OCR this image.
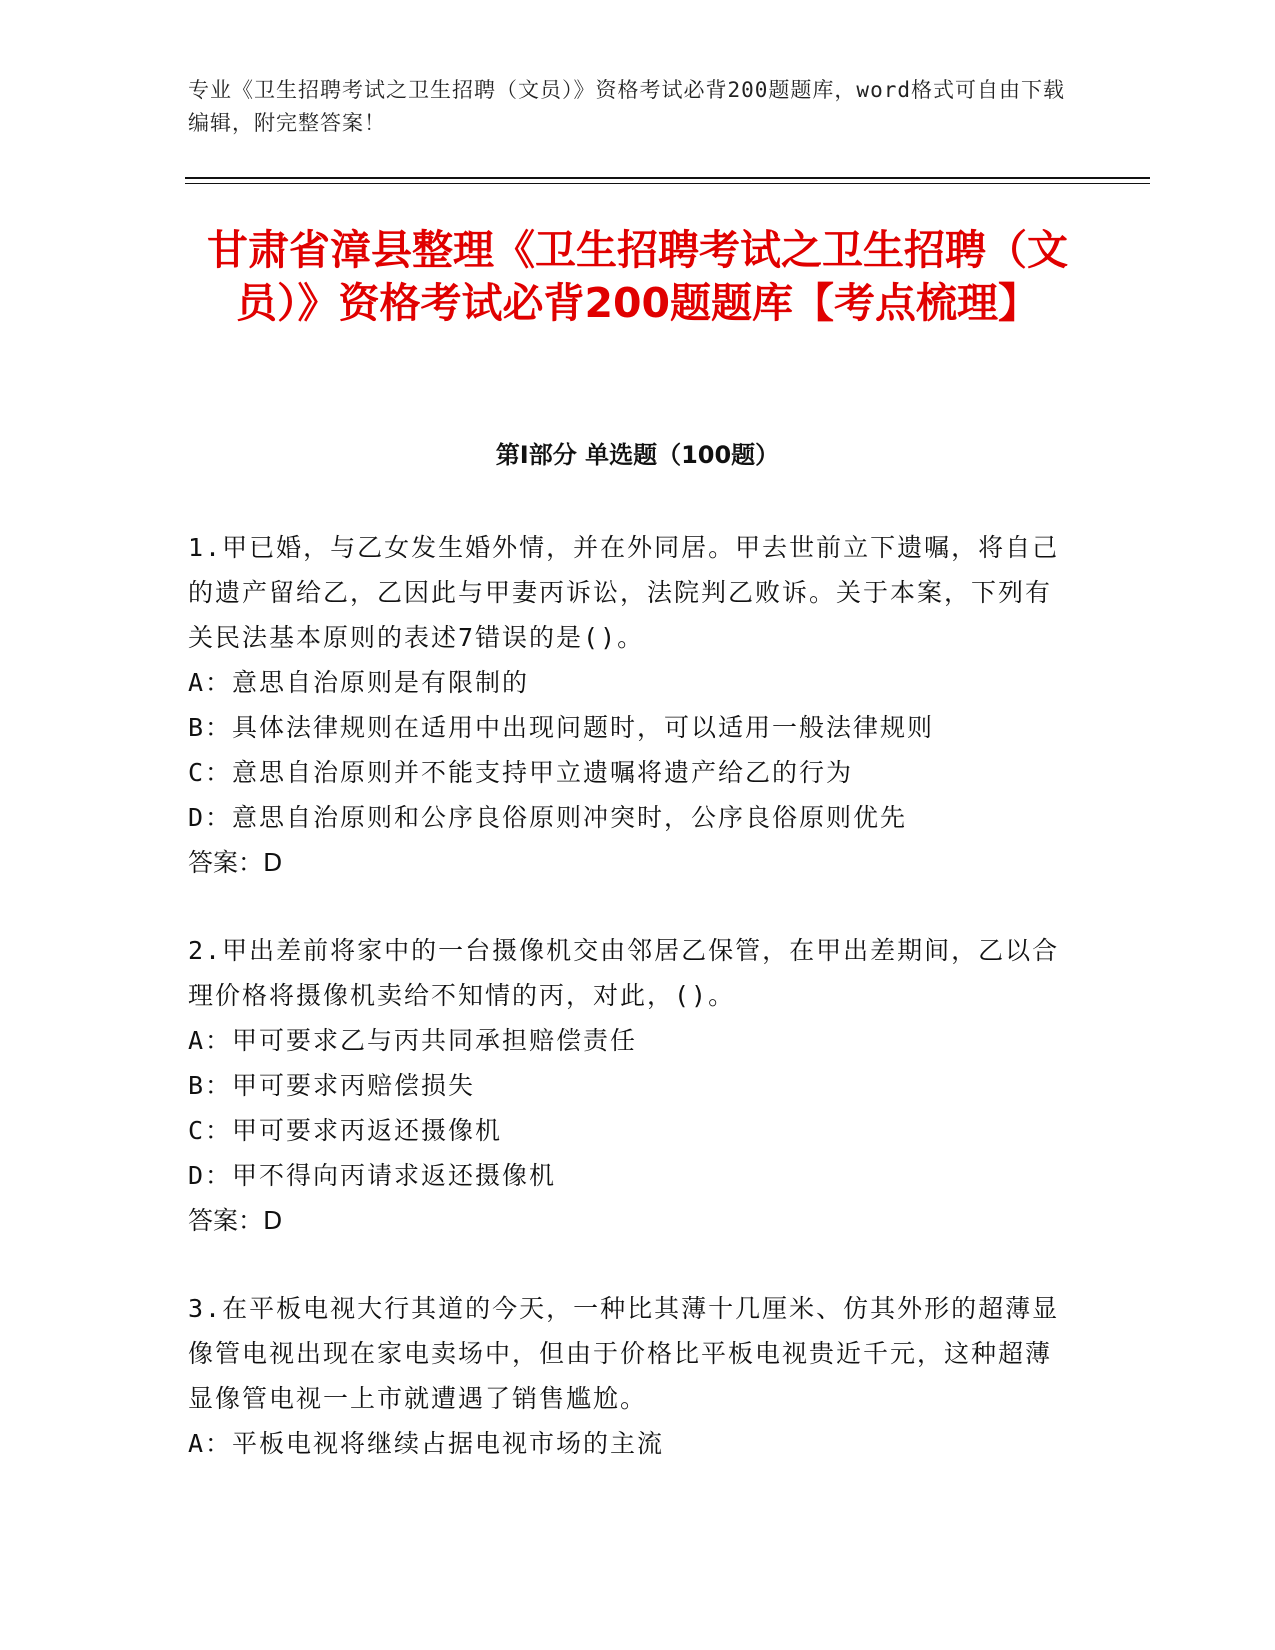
专业《卫生招聘考试之卫生招聘（文员）》资格考试必背200题题库，word格式可自由下载编辑，附完整答案！
甘肃省漳县整理《卫生招聘考试之卫生招聘（文员）》资格考试必背200题题库【考点梳理】
第I部分 单选题（100题）
1.甲已婚，与乙女发生婚外情，并在外同居。甲去世前立下遗嘱，将自己的遗产留给乙，乙因此与甲妻丙诉讼，法院判乙败诉。关于本案，下列有关民法基本原则的表述7错误的是()。
A：意思自治原则是有限制的
B：具体法律规则在适用中出现问题时，可以适用一般法律规则
C：意思自治原则并不能支持甲立遗嘱将遗产给乙的行为
D：意思自治原则和公序良俗原则冲突时，公序良俗原则优先
答案：D
2.甲出差前将家中的一台摄像机交由邻居乙保管，在甲出差期间，乙以合理价格将摄像机卖给不知情的丙，对此，()。
A：甲可要求乙与丙共同承担赔偿责任
B：甲可要求丙赔偿损失
C：甲可要求丙返还摄像机
D：甲不得向丙请求返还摄像机
答案：D
3.在平板电视大行其道的今天，一种比其薄十几厘米、仿其外形的超薄显像管电视出现在家电卖场中，但由于价格比平板电视贵近千元，这种超薄显像管电视一上市就遭遇了销售尴尬。
A：平板电视将继续占据电视市场的主流
